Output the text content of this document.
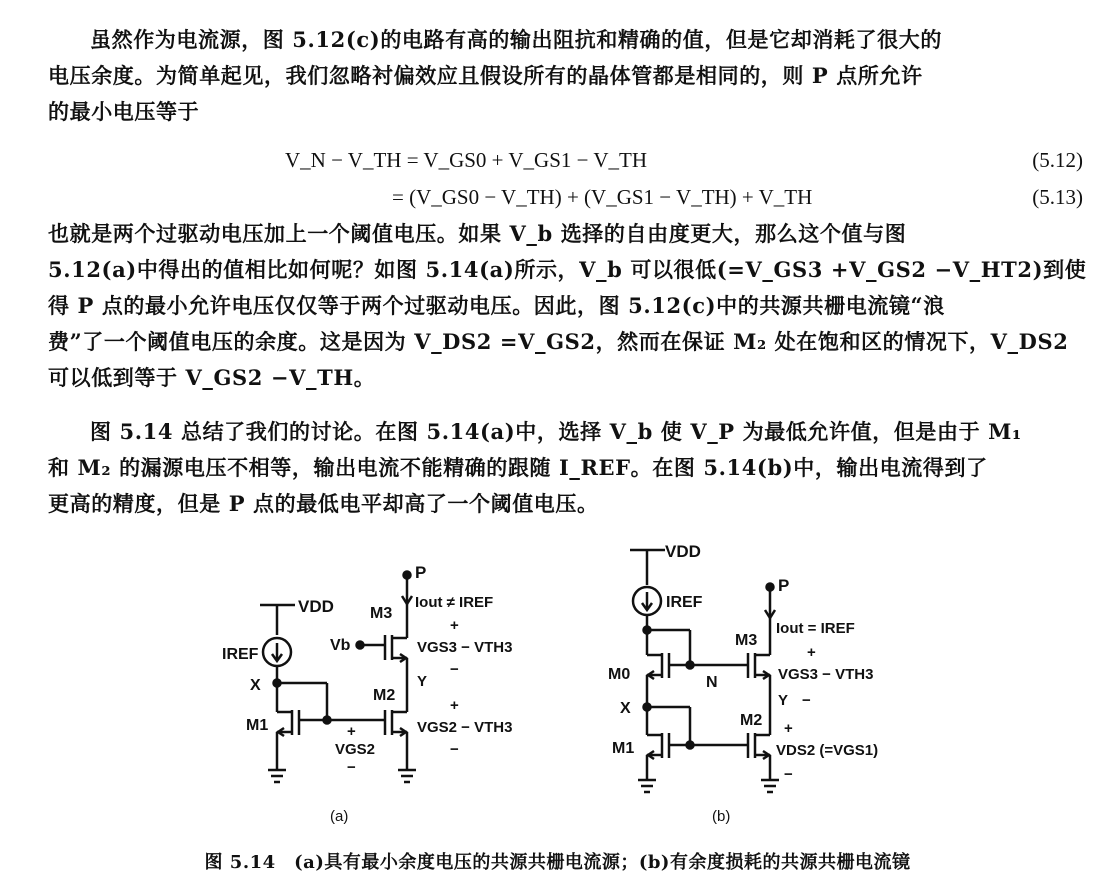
虽然作为电流源，图 5.12(c)的电路有高的输出阻抗和精确的值，但是它却消耗了很大的
电压余度。为简单起见，我们忽略衬偏效应且假设所有的晶体管都是相同的，则 P 点所允许
的最小电压等于
V_N − V_TH = V_GS0 + V_GS1 − V_TH	(5.12)
= (V_GS0 − V_TH) + (V_GS1 − V_TH) + V_TH	(5.13)
也就是两个过驱动电压加上一个阈值电压。如果 V_b 选择的自由度更大，那么这个值与图
5.12(a)中得出的值相比如何呢？如图 5.14(a)所示，V_b 可以很低(=V_GS3 +V_GS2 −V_HT2)到使
得 P 点的最小允许电压仅仅等于两个过驱动电压。因此，图 5.12(c)中的共源共栅电流镜“浪
费”了一个阈值电压的余度。这是因为 V_DS2 =V_GS2，然而在保证 M₂ 处在饱和区的情况下，V_DS2
可以低到等于 V_GS2 −V_TH。
图 5.14 总结了我们的讨论。在图 5.14(a)中，选择 V_b 使 V_P 为最低允许值，但是由于 M₁
和 M₂ 的漏源电压不相等，输出电流不能精确的跟随 I_REF。在图 5.14(b)中，输出电流得到了
更高的精度，但是 P 点的最低电平却高了一个阈值电压。
VDD
P
Iout ≠ IREF
M3
Vb
+
VGS3 − VTH3
−
IREF
X	Y
M2
+
VGS2 − VTH3
−
M1	+
VGS2
−
(a)
VDD
IREF
P
Iout = IREF
M3
+
VGS3 − VTH3
M0	N
X	Y −
M2 +
VDS2 (=VGS1)
−
M1
(b)
图 5.14　(a)具有最小余度电压的共源共栅电流源；(b)有余度损耗的共源共栅电流镜
